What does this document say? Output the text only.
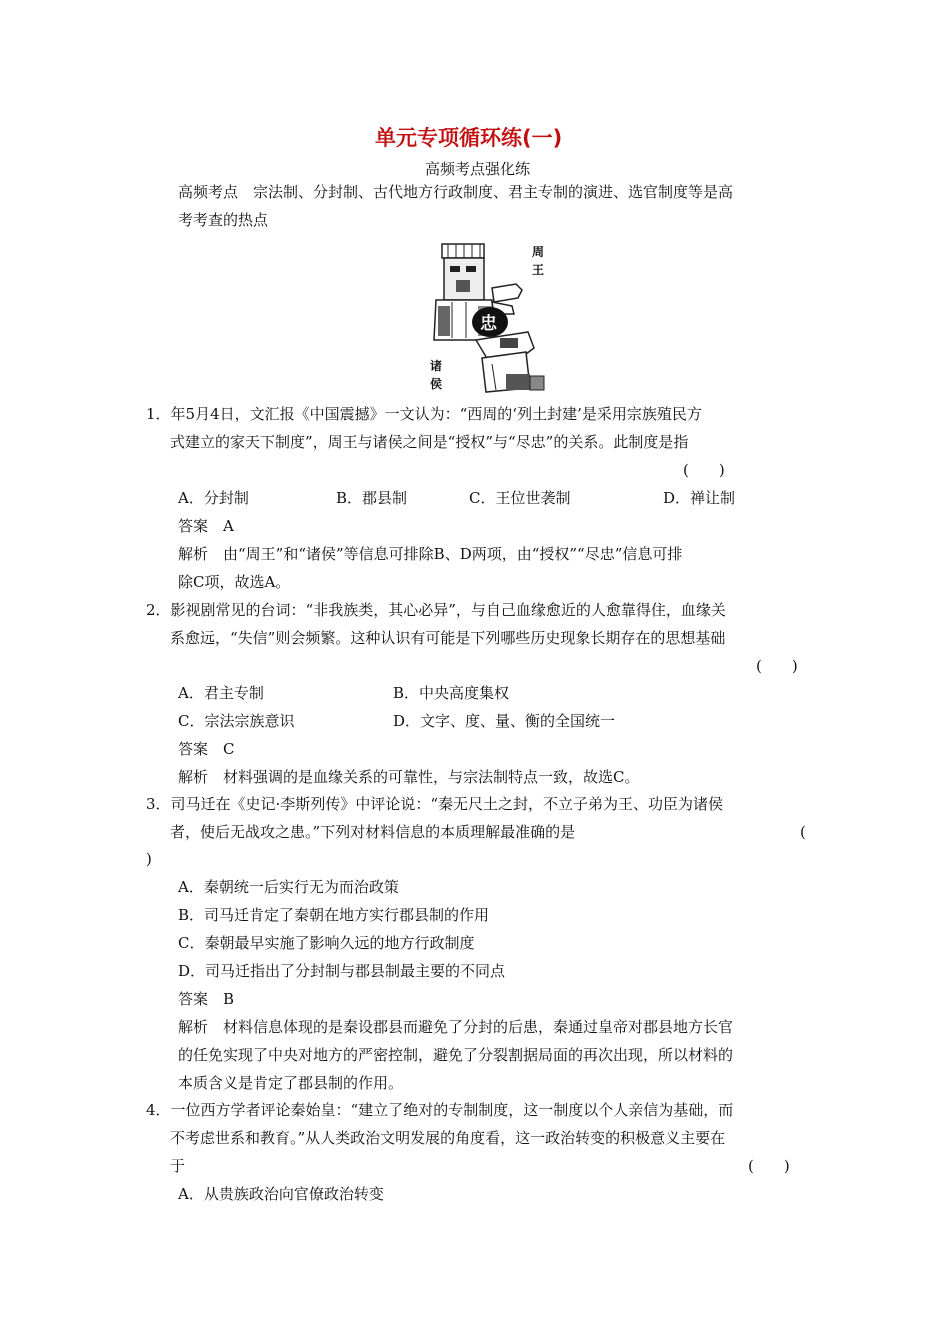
单元专项循环练(一)
高频考点强化练
高频考点　宗法制、分封制、古代地方行政制度、君主专制的演进、选官制度等是高
考考查的热点
忠
周
王
诸
侯
1．年5月4日，文汇报《中国震撼》一文认为：“西周的‘列土封建’是采用宗族殖民方
式建立的家天下制度”，周王与诸侯之间是“授权”与“尽忠”的关系。此制度是指
(　　)
A．分封制	B．郡县制	C．王位世袭制	D．禅让制
答案　A
解析　由“周王”和“诸侯”等信息可排除B、D两项，由“授权”“尽忠”信息可排
除C项，故选A。
2．影视剧常见的台词：“非我族类，其心必异”，与自己血缘愈近的人愈靠得住，血缘关
系愈远，“失信”则会频繁。这种认识有可能是下列哪些历史现象长期存在的思想基础
(　　)
A．君主专制	B．中央高度集权
C．宗法宗族意识	D．文字、度、量、衡的全国统一
答案　C
解析　材料强调的是血缘关系的可靠性，与宗法制特点一致，故选C。
3．司马迁在《史记·李斯列传》中评论说：“秦无尺土之封，不立子弟为王、功臣为诸侯
者，使后无战攻之患。”下列对材料信息的本质理解最准确的是	(
)
A．秦朝统一后实行无为而治政策
B．司马迁肯定了秦朝在地方实行郡县制的作用
C．秦朝最早实施了影响久远的地方行政制度
D．司马迁指出了分封制与郡县制最主要的不同点
答案　B
解析　材料信息体现的是秦设郡县而避免了分封的后患，秦通过皇帝对郡县地方长官
的任免实现了中央对地方的严密控制，避免了分裂割据局面的再次出现，所以材料的
本质含义是肯定了郡县制的作用。
4．一位西方学者评论秦始皇：“建立了绝对的专制制度，这一制度以个人亲信为基础，而
不考虑世系和教育。”从人类政治文明发展的角度看，这一政治转变的积极意义主要在
于	(　　)
A．从贵族政治向官僚政治转变
